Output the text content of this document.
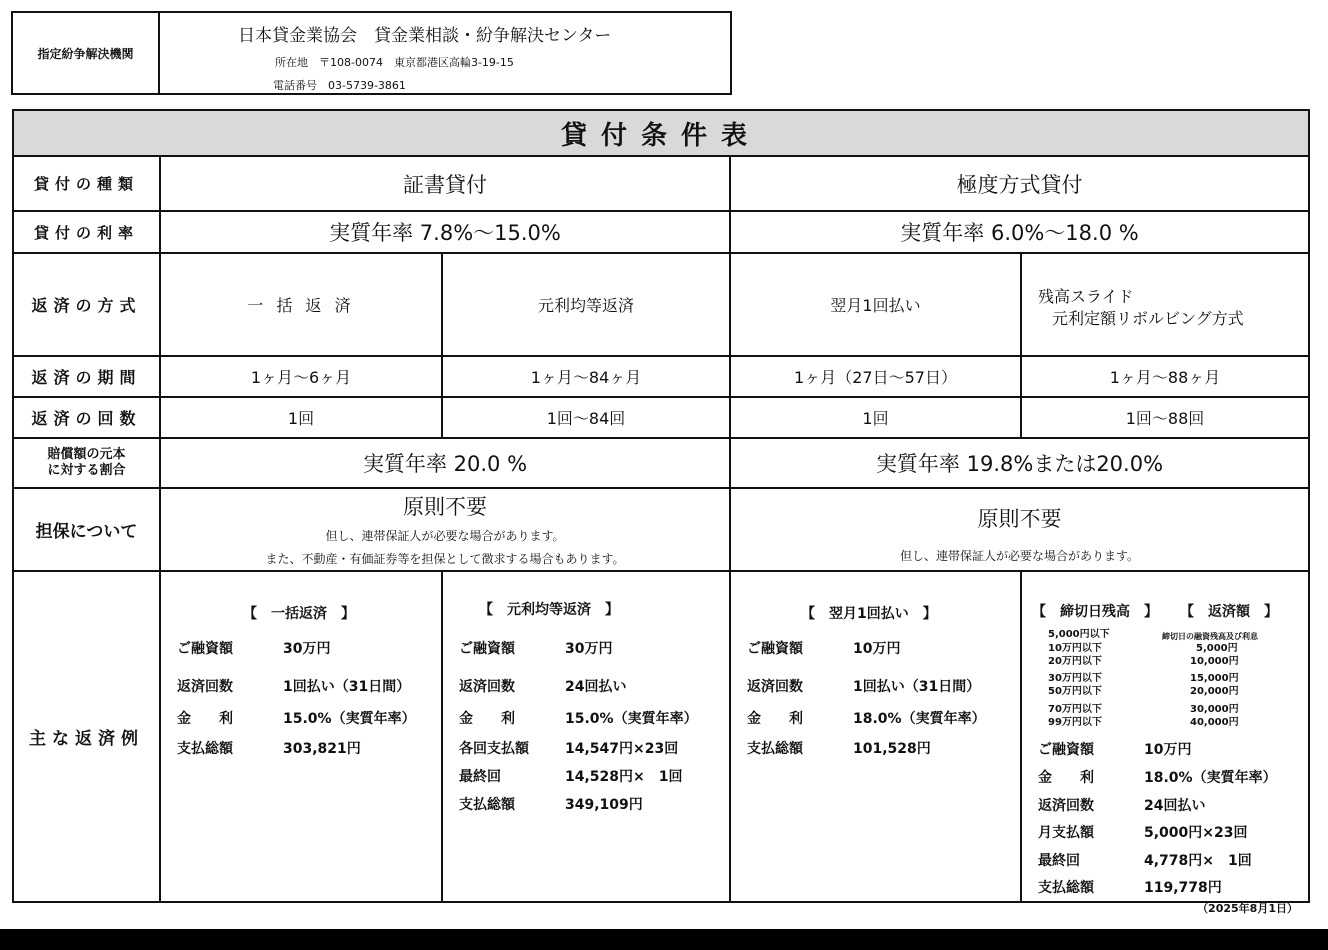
指定紛争解決機関
日本貸金業協会　貸金業相談・紛争解決センター
所在地　〒108-0074　東京都港区高輪3-19-15
電話番号　03-5739-3861
貸付条件表
貸付の種類	証書貸付	極度方式貸付
貸付の利率	実質年率 7.8%～15.0%	実質年率 6.0%～18.0 %
返済の方式	一 括 返 済	元利均等返済	翌月1回払い	残高スライド
元利定額リボルビング方式
返済の期間	1ヶ月～6ヶ月	1ヶ月～84ヶ月	1ヶ月（27日～57日）	1ヶ月～88ヶ月
返済の回数	1回	1回～84回	1回	1回～88回
賠償額の元本
に対する割合	実質年率 20.0 %	実質年率 19.8%または20.0%
担保について
原則不要
但し、連帯保証人が必要な場合があります。
また、不動産・有価証券等を担保として徴求する場合もあります。
原則不要
但し、連帯保証人が必要な場合があります。
主な返済例
【　一括返済　】
ご融資額	30万円
返済回数	1回払い（31日間）
金　　利	15.0%（実質年率）
支払総額	303,821円
【　元利均等返済　】
ご融資額	30万円
返済回数	24回払い
金　　利	15.0%（実質年率）
各回支払額	14,547円×23回
最終回	14,528円×　1回
支払総額	349,109円
【　翌月1回払い　】
ご融資額	10万円
返済回数	1回払い（31日間）
金　　利	18.0%（実質年率）
支払総額	101,528円
【　締切日残高　】 【　返済額　】
5,000円以下	締切日の融資残高及び利息
10万円以下	5,000円
20万円以下	10,000円
30万円以下	15,000円
50万円以下	20,000円
70万円以下	30,000円
99万円以下	40,000円
ご融資額	10万円
金　　利	18.0%（実質年率）
返済回数	24回払い
月支払額	5,000円×23回
最終回	4,778円×　1回
支払総額	119,778円
（2025年8月1日）
